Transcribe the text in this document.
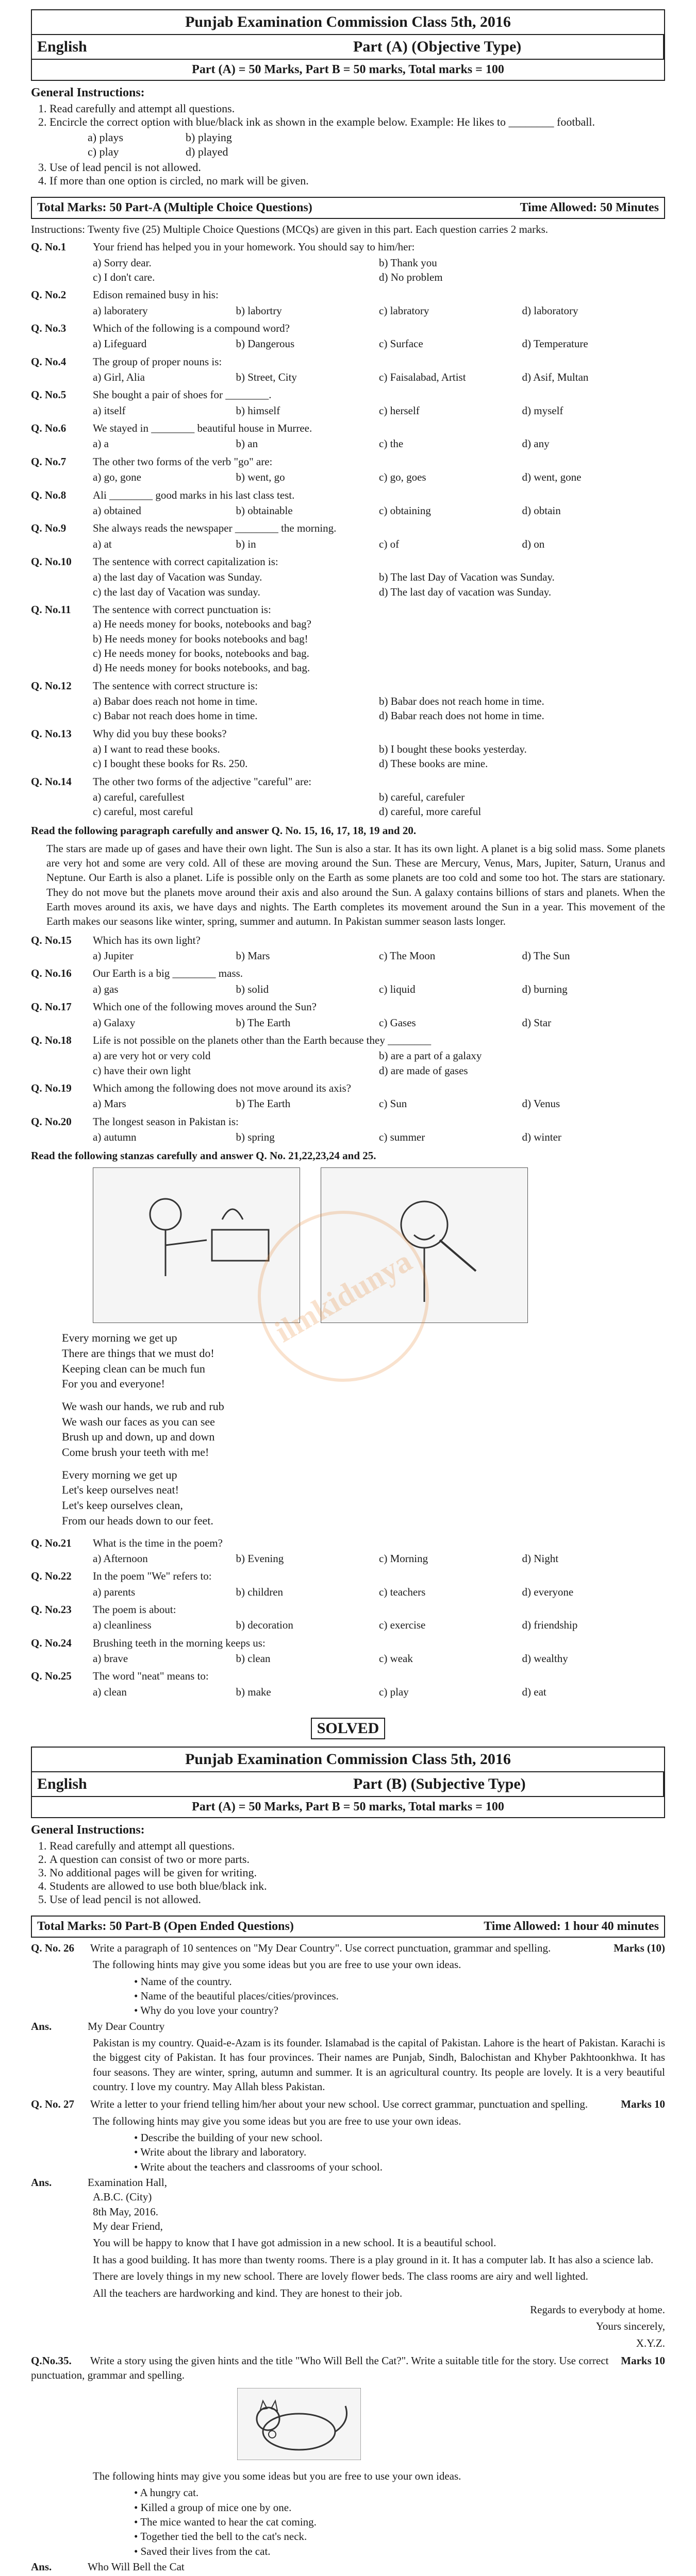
Punjab Examination Commission Class 5th, 2016
English	Part (A) (Objective Type)
Part (A) = 50 Marks, Part B = 50 marks, Total marks = 100
General Instructions:
1. Read carefully and attempt all questions.
2. Encircle the correct option with blue/black ink as shown in the example below. Example: He likes to ________ football.
a) plays	b) playing
c) play	d) played
3. Use of lead pencil is not allowed.
4. If more than one option is circled, no mark will be given.
Total Marks: 50 Part-A (Multiple Choice Questions)	Time Allowed: 50 Minutes
Instructions: Twenty five (25) Multiple Choice Questions (MCQs) are given in this part. Each question carries 2 marks.
Q. No.1	Your friend has helped you in your homework. You should say to him/her:
a) Sorry dear.	b) Thank you
c) I don't care.	d) No problem
Q. No.2	Edison remained busy in his:
a) laboratery	b) labortry	c) labratory	d) laboratory
Q. No.3	Which of the following is a compound word?
a) Lifeguard	b) Dangerous	c) Surface	d) Temperature
Q. No.4	The group of proper nouns is:
a) Girl, Alia	b) Street, City	c) Faisalabad, Artist	d) Asif, Multan
Q. No.5	She bought a pair of shoes for ________.
a) itself	b) himself	c) herself	d) myself
Q. No.6	We stayed in ________ beautiful house in Murree.
a) a	b) an	c) the	d) any
Q. No.7	The other two forms of the verb "go" are:
a) go, gone	b) went, go	c) go, goes	d) went, gone
Q. No.8	Ali ________ good marks in his last class test.
a) obtained	b) obtainable	c) obtaining	d) obtain
Q. No.9	She always reads the newspaper ________ the morning.
a) at	b) in	c) of	d) on
Q. No.10	The sentence with correct capitalization is:
a) the last day of Vacation was Sunday.	b) The last Day of Vacation was Sunday.
c) the last day of Vacation was sunday.	d) The last day of vacation was Sunday.
Q. No.11	The sentence with correct punctuation is:
a) He needs money for books, notebooks and bag?
b) He needs money for books notebooks and bag!
c) He needs money for books, notebooks and bag.
d) He needs money for books notebooks, and bag.
Q. No.12	The sentence with correct structure is:
a) Babar does reach not home in time.	b) Babar does not reach home in time.
c) Babar not reach does home in time.	d) Babar reach does not home in time.
Q. No.13	Why did you buy these books?
a) I want to read these books.	b) I bought these books yesterday.
c) I bought these books for Rs. 250.	d) These books are mine.
Q. No.14	The other two forms of the adjective "careful" are:
a) careful, carefullest	b) careful, carefuler
c) careful, most careful	d) careful, more careful
Read the following paragraph carefully and answer Q. No. 15, 16, 17, 18, 19 and 20.
The stars are made up of gases and have their own light. The Sun is also a star. It has its own light. A planet is a big solid mass. Some planets are very hot and some are very cold. All of these are moving around the Sun. These are Mercury, Venus, Mars, Jupiter, Saturn, Uranus and Neptune. Our Earth is also a planet. Life is possible only on the Earth as some planets are too cold and some too hot. The stars are stationary. They do not move but the planets move around their axis and also around the Sun. A galaxy contains billions of stars and planets. When the Earth moves around its axis, we have days and nights. The Earth completes its movement around the Sun in a year. This movement of the Earth makes our seasons like winter, spring, summer and autumn. In Pakistan summer season lasts longer.
Q. No.15	Which has its own light?
a) Jupiter	b) Mars	c) The Moon	d) The Sun
Q. No.16	Our Earth is a big ________ mass.
a) gas	b) solid	c) liquid	d) burning
Q. No.17	Which one of the following moves around the Sun?
a) Galaxy	b) The Earth	c) Gases	d) Star
Q. No.18	Life is not possible on the planets other than the Earth because they ________
a) are very hot or very cold	b) are a part of a galaxy
c) have their own light	d) are made of gases
Q. No.19	Which among the following does not move around its axis?
a) Mars	b) The Earth	c) Sun	d) Venus
Q. No.20	The longest season in Pakistan is:
a) autumn	b) spring	c) summer	d) winter
Read the following stanzas carefully and answer Q. No. 21,22,23,24 and 25.

Every morning we get up
There are things that we must do!
Keeping clean can be much fun
For you and everyone!

We wash our hands, we rub and rub
We wash our faces as you can see
Brush up and down, up and down
Come brush your teeth with me!

Every morning we get up
Let's keep ourselves neat!
Let's keep ourselves clean,
From our heads down to our feet.

Q. No.21	What is the time in the poem?
a) Afternoon	b) Evening	c) Morning	d) Night
Q. No.22	In the poem "We" refers to:
a) parents	b) children	c) teachers	d) everyone
Q. No.23	The poem is about:
a) cleanliness	b) decoration	c) exercise	d) friendship
Q. No.24	Brushing teeth in the morning keeps us:
a) brave	b) clean	c) weak	d) wealthy
Q. No.25	The word "neat" means to:
a) clean	b) make	c) play	d) eat
SOLVED
Punjab Examination Commission Class 5th, 2016
English	Part (B) (Subjective Type)
Part (A) = 50 Marks, Part B = 50 marks, Total marks = 100
General Instructions:
1. Read carefully and attempt all questions.
2. A question can consist of two or more parts.
3. No additional pages will be given for writing.
4. Students are allowed to use both blue/black ink.
5. Use of lead pencil is not allowed.
Total Marks: 50 Part-B (Open Ended Questions)	Time Allowed: 1 hour 40 minutes
Marks (10)
Q. No. 26 Write a paragraph of 10 sentences on "My Dear Country". Use correct punctuation, grammar and spelling.

The following hints may give you some ideas but you are free to use your own ideas.

• Name of the country.
• Name of the beautiful places/cities/provinces.
• Why do you love your country?
Ans.	My Dear Country

Pakistan is my country. Quaid-e-Azam is its founder. Islamabad is the capital of Pakistan. Lahore is the heart of Pakistan. Karachi is the biggest city of Pakistan. It has four provinces. Their names are Punjab, Sindh, Balochistan and Khyber Pakhtoonkhwa. It has four seasons. They are winter, spring, autumn and summer. It is an agricultural country. Its people are lovely. It is a very beautiful country. I love my country. May Allah bless Pakistan.

Marks 10
Q. No. 27 Write a letter to your friend telling him/her about your new school. Use correct grammar, punctuation and spelling.

The following hints may give you some ideas but you are free to use your own ideas.

• Describe the building of your new school.
• Write about the library and laboratory.
• Write about the teachers and classrooms of your school.
Ans.	Examination Hall,

A.B.C. (City)

8th May, 2016.

My dear Friend,

You will be happy to know that I have got admission in a new school. It is a beautiful school.

It has a good building. It has more than twenty rooms. There is a play ground in it. It has a computer lab. It has also a science lab.

There are lovely things in my new school. There are lovely flower beds. The class rooms are airy and well lighted.

All the teachers are hardworking and kind. They are honest to their job.

Regards to everybody at home.

Yours sincerely,

X.Y.Z.

Marks 10
Q.No.35. Write a story using the given hints and the title "Who Will Bell the Cat?". Write a suitable title for the story. Use correct punctuation, grammar and spelling.

The following hints may give you some ideas but you are free to use your own ideas.

• A hungry cat.
• Killed a group of mice one by one.
• The mice wanted to hear the cat coming.
• Together tied the bell to the cat's neck.
• Saved their lives from the cat.
Ans.	Who Will Bell the Cat

ilmkidunya
